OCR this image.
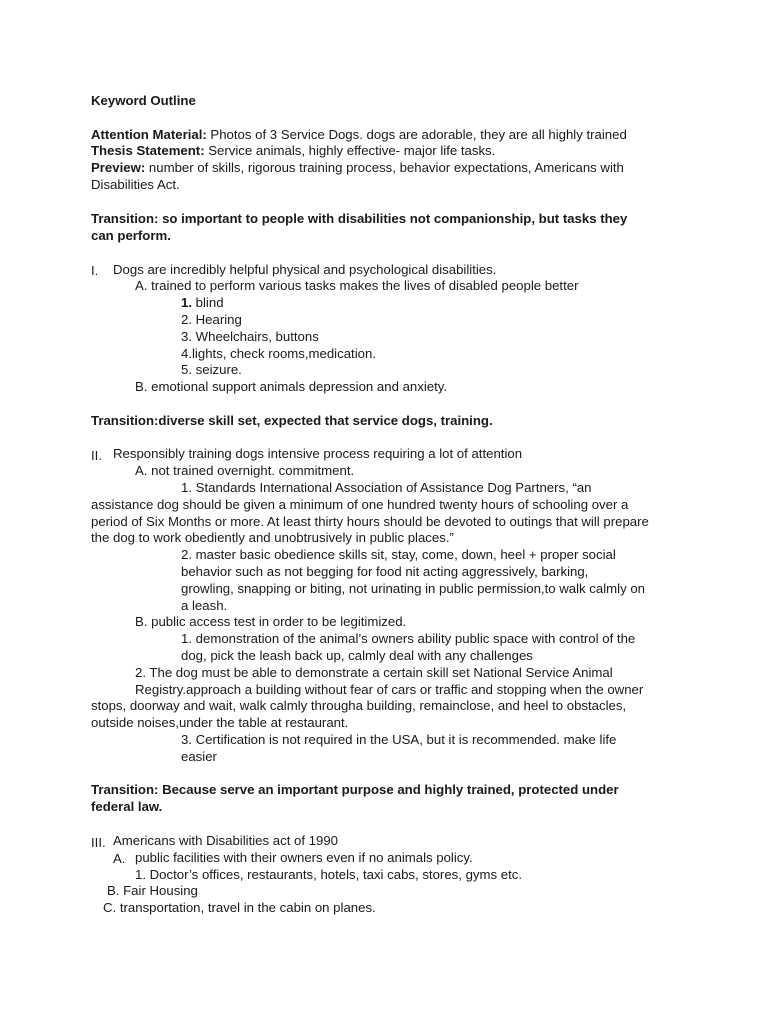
Keyword Outline
Attention Material: Photos of 3 Service Dogs. dogs are adorable, they are all highly trained
Thesis Statement: Service animals, highly effective- major life tasks.
Preview: number of skills, rigorous training process, behavior expectations, Americans with
Disabilities Act.
Transition: so important to people with disabilities not companionship, but tasks they
can perform.
I. Dogs are incredibly helpful physical and psychological disabilities.
A. trained to perform various tasks makes the lives of disabled people better
1. blind
2. Hearing
3. Wheelchairs, buttons
4.lights, check rooms,medication.
5. seizure.
B. emotional support animals depression and anxiety.
Transition:diverse skill set, expected that service dogs, training.
II. Responsibly training dogs intensive process requiring a lot of attention
A. not trained overnight. commitment.
1. Standards International Association of Assistance Dog Partners, “an
assistance dog should be given a minimum of one hundred twenty hours of schooling over a
period of Six Months or more. At least thirty hours should be devoted to outings that will prepare
the dog to work obediently and unobtrusively in public places.”
2. master basic obedience skills sit, stay, come, down, heel + proper social
behavior such as not begging for food nit acting aggressively, barking,
growling, snapping or biting, not urinating in public permission,to walk calmly on
a leash.
B. public access test in order to be legitimized.
1. demonstration of the animal’s owners ability public space with control of the
dog, pick the leash back up, calmly deal with any challenges
2. The dog must be able to demonstrate a certain skill set National Service Animal
Registry.approach a building without fear of cars or traffic and stopping when the owner
stops, doorway and wait, walk calmly througha building, remainclose, and heel to obstacles,
outside noises,under the table at restaurant.
3. Certification is not required in the USA, but it is recommended. make life
easier
Transition: Because serve an important purpose and highly trained, protected under
federal law.
III. Americans with Disabilities act of 1990
A. public facilities with their owners even if no animals policy.
1. Doctor’s offices, restaurants, hotels, taxi cabs, stores, gyms etc.
B. Fair Housing
C. transportation, travel in the cabin on planes.
